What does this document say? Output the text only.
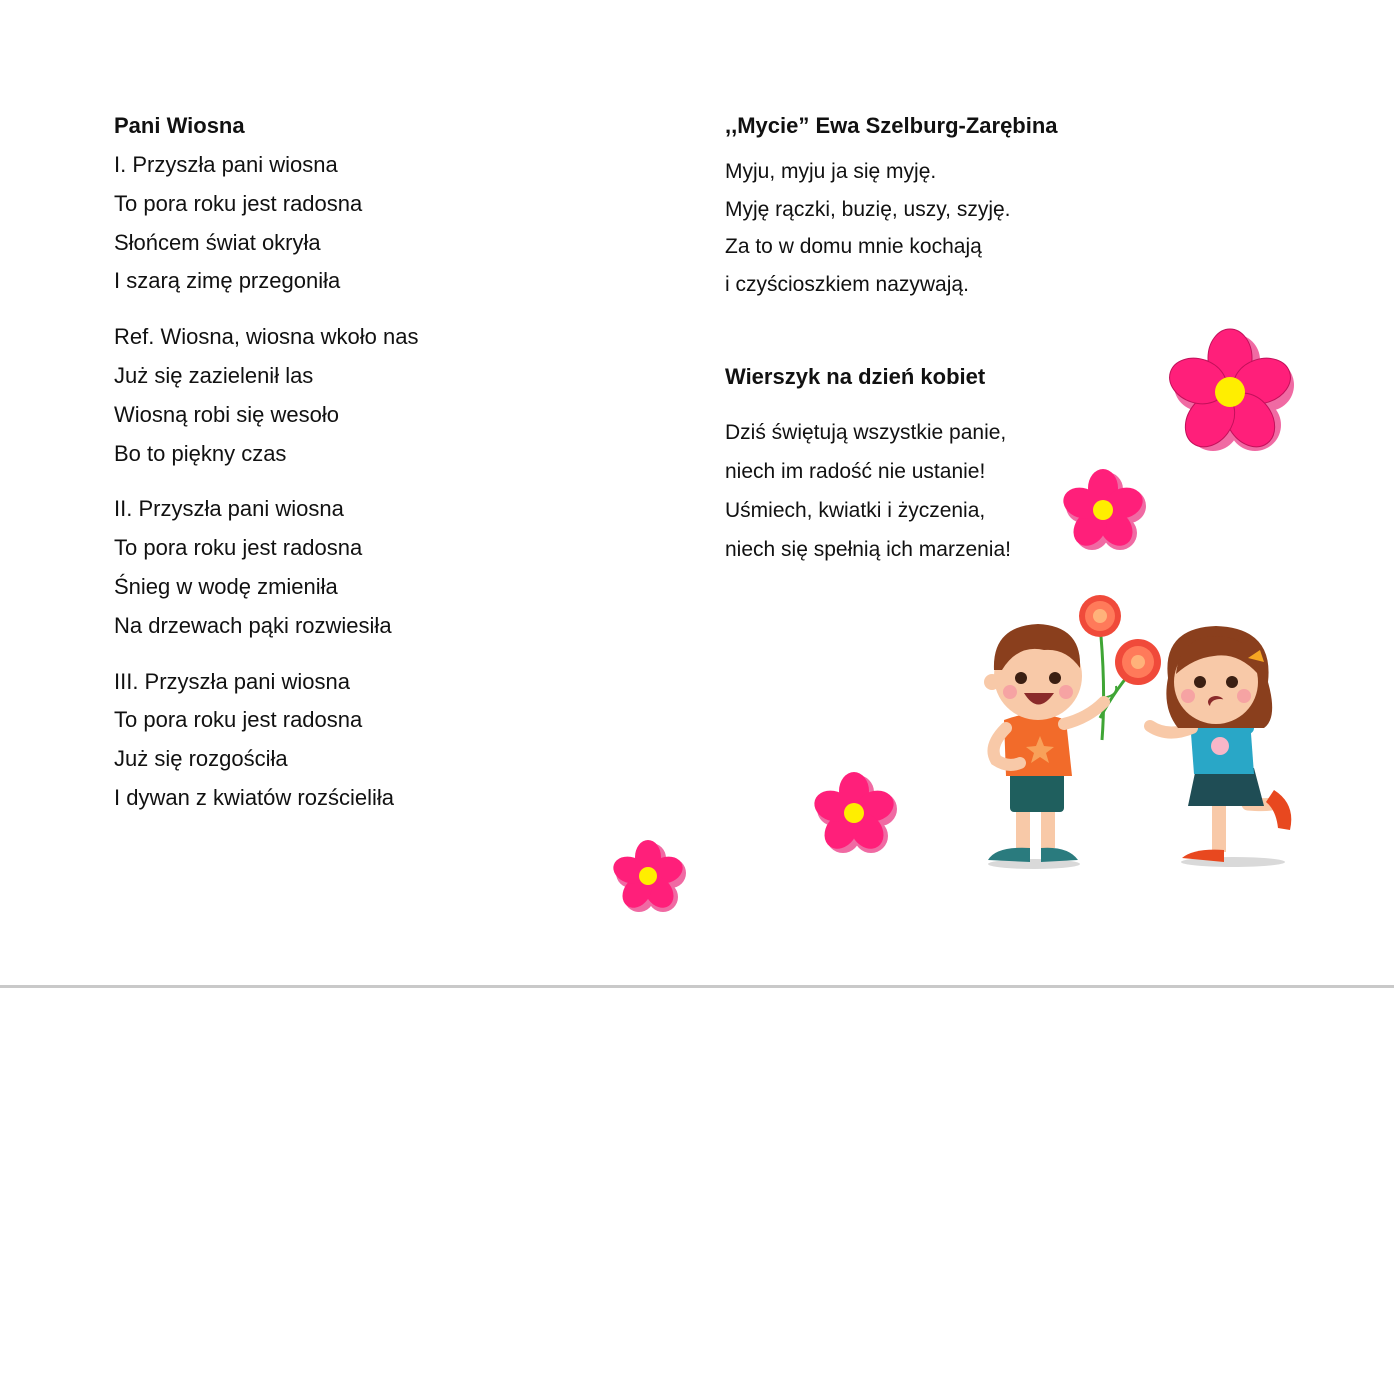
Pani Wiosna
I. Przyszła pani wiosna
To pora roku jest radosna
Słońcem świat okryła
I szarą zimę przegoniła
Ref. Wiosna, wiosna wkoło nas
Już się zazielenił las
Wiosną robi się wesoło
Bo to piękny czas
II. Przyszła pani wiosna
To pora roku jest radosna
Śnieg w wodę zmieniła
Na drzewach pąki rozwiesiła
III. Przyszła pani wiosna
To pora roku jest radosna
Już się rozgościła
I dywan z kwiatów rozścieliła
,,Mycie” Ewa Szelburg-Zarębina
Myju, myju ja się myję.
Myję rączki, buzię, uszy, szyję.
Za to w domu mnie kochają
i czyścioszkiem nazywają.
Wierszyk na dzień kobiet
Dziś świętują wszystkie panie,
niech im radość nie ustanie!
Uśmiech, kwiatki i życzenia,
niech się spełnią ich marzenia!
